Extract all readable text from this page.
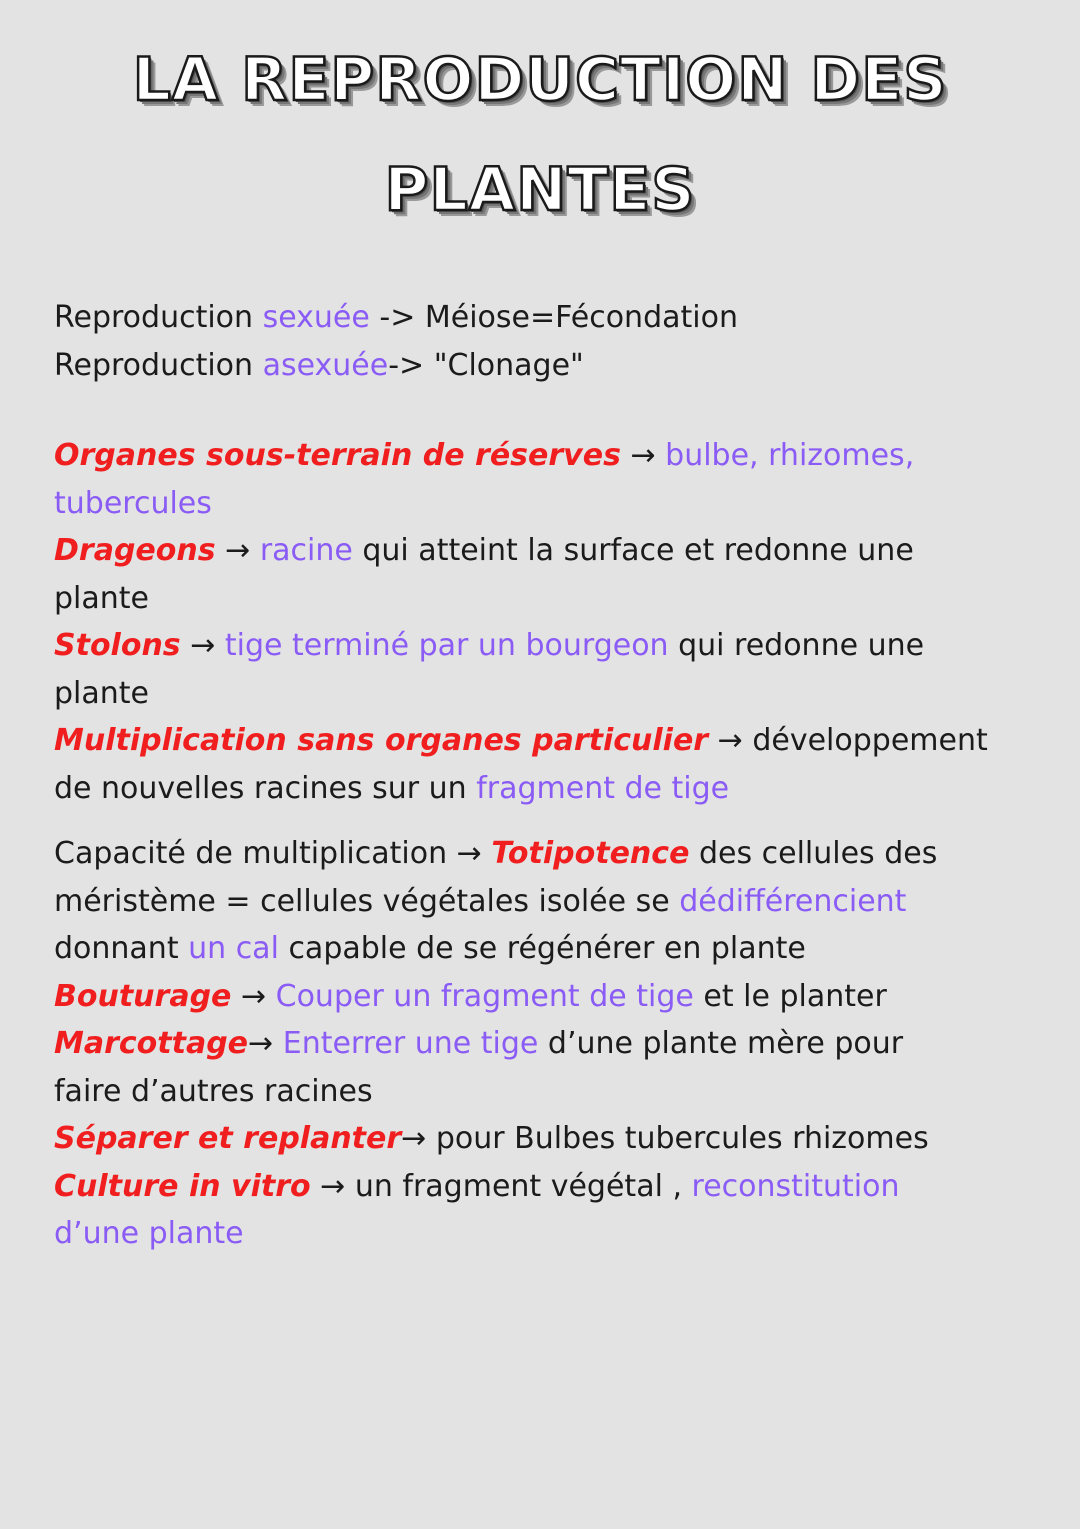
LA REPRODUCTION DES
PLANTES
Reproduction sexuée -> Méiose=Fécondation
Reproduction asexuée-> "Clonage"
Organes sous-terrain de réserves → bulbe, rhizomes,
tubercules
Drageons → racine qui atteint la surface et redonne une
plante
Stolons → tige terminé par un bourgeon qui redonne une
plante
Multiplication sans organes particulier → développement
de nouvelles racines sur un fragment de tige
Capacité de multiplication → Totipotence des cellules des
méristème = cellules végétales isolée se dédifférencient
donnant un cal capable de se régénérer en plante
Bouturage → Couper un fragment de tige et le planter
Marcottage→ Enterrer une tige d’une plante mère pour
faire d’autres racines
Séparer et replanter→ pour Bulbes tubercules rhizomes
Culture in vitro → un fragment végétal , reconstitution
d’une plante
